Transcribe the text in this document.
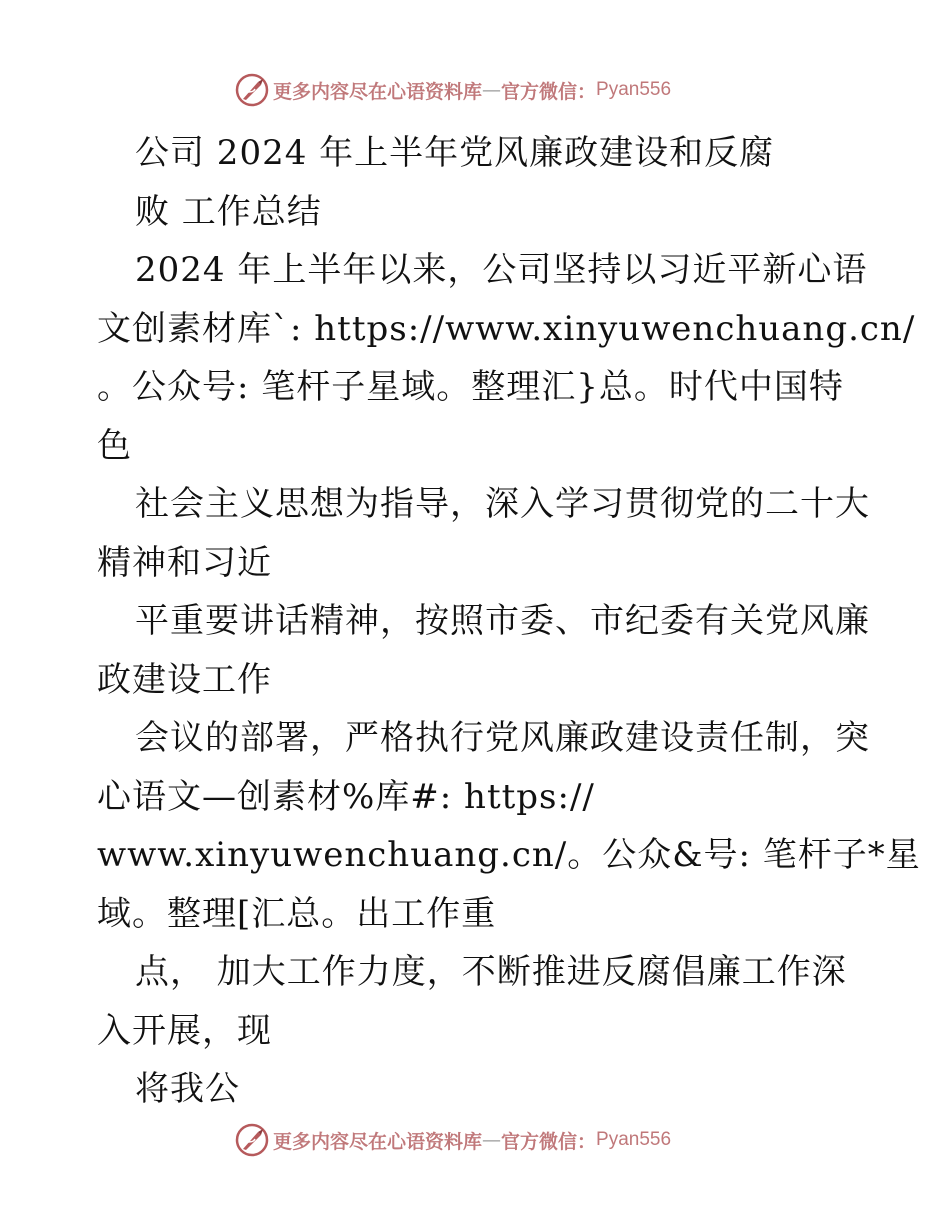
更多内容尽在心语资料库 — 官方微信： Pyan556
公司 2024 年上半年党风廉政建设和反腐
败 工作总结
2024 年上半年以来，公司坚持以习近平新心语
文创素材库`: https://www.xinyuwenchuang.cn/
。公众号: 笔杆子星域。整理汇}总。时代中国特
色
社会主义思想为指导，深入学习贯彻党的二十大
精神和习近
平重要讲话精神，按照市委、市纪委有关党风廉
政建设工作
会议的部署，严格执行党风廉政建设责任制，突
心语文—创素材%库#: https://
www.xinyuwenchuang.cn/。公众&号: 笔杆子*星
域。整理[汇总。出工作重
点， 加大工作力度，不断推进反腐倡廉工作深
入开展，现
将我公
更多内容尽在心语资料库 — 官方微信： Pyan556
